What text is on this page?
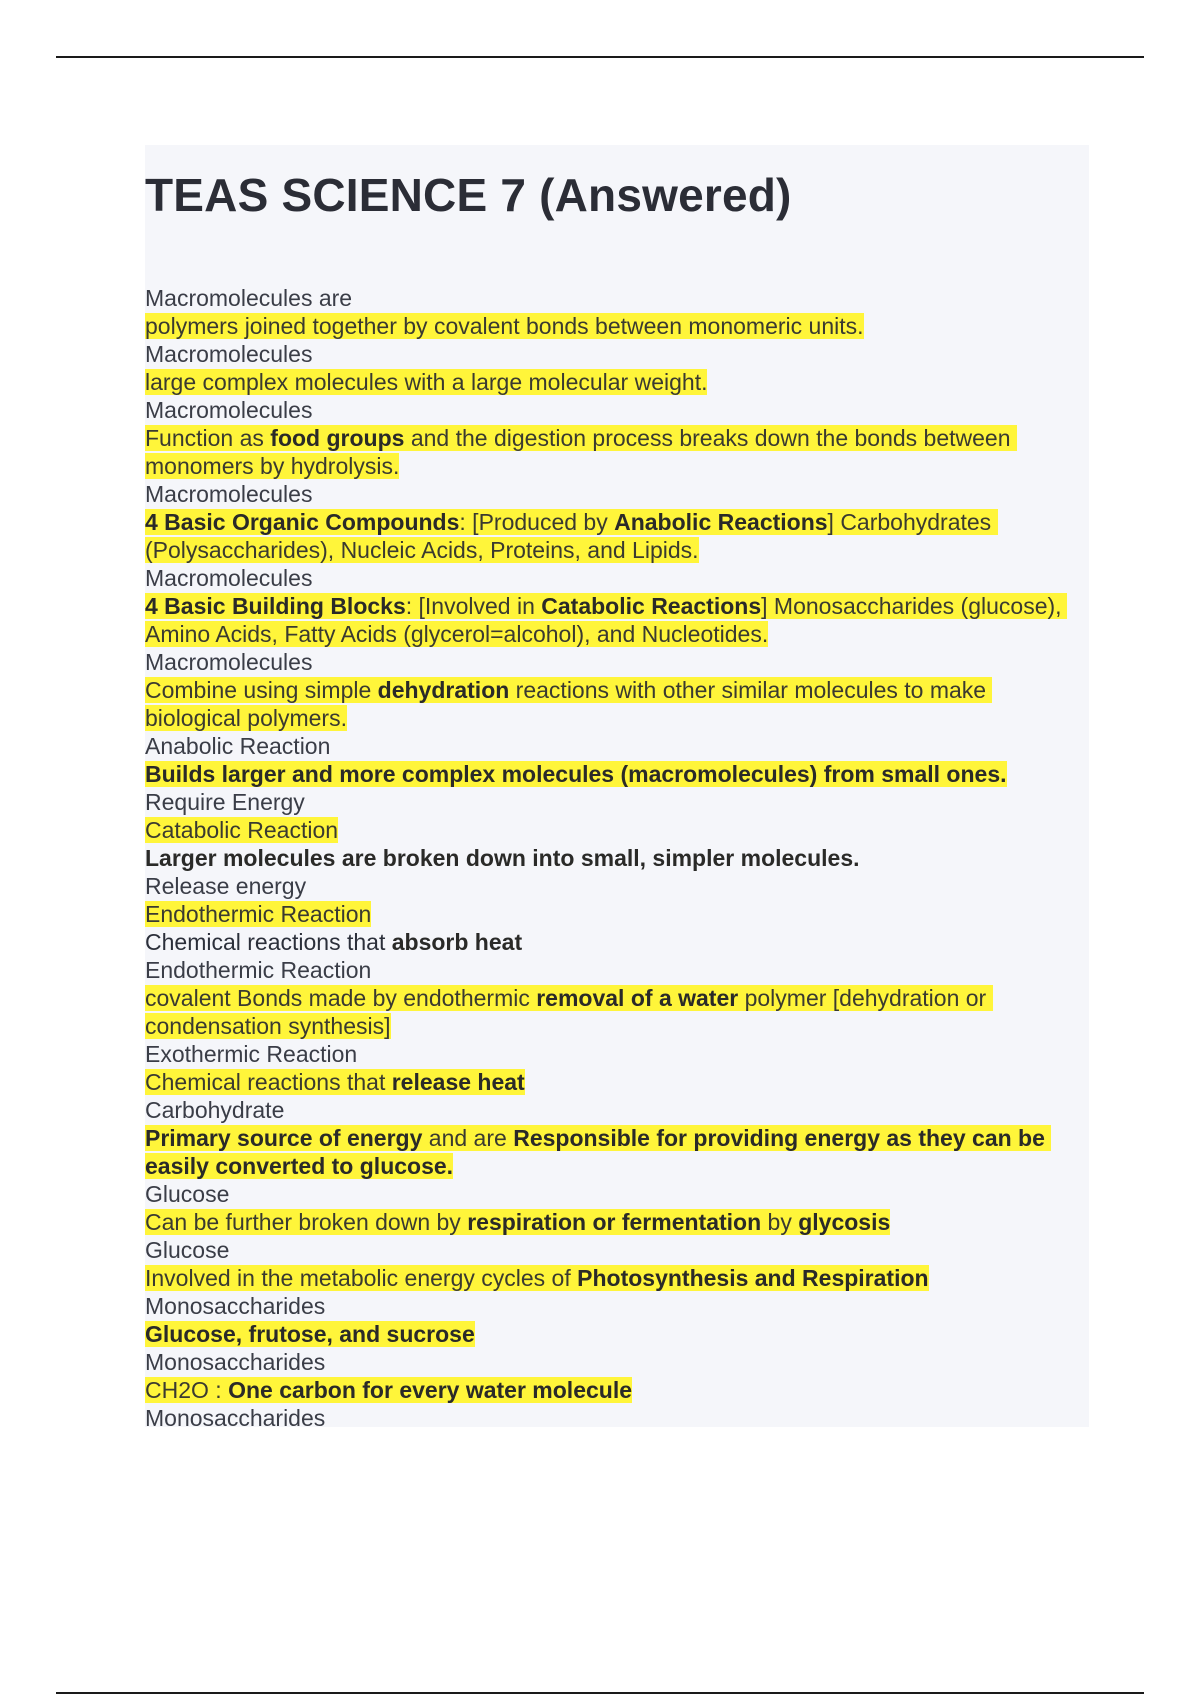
TEAS SCIENCE 7 (Answered)
Macromolecules are
polymers joined together by covalent bonds between monomeric units.
Macromolecules
large complex molecules with a large molecular weight.
Macromolecules
Function as food groups and the digestion process breaks down the bonds between monomers by hydrolysis.
Macromolecules
4 Basic Organic Compounds: [Produced by Anabolic Reactions] Carbohydrates (Polysaccharides), Nucleic Acids, Proteins, and Lipids.
Macromolecules
4 Basic Building Blocks: [Involved in Catabolic Reactions] Monosaccharides (glucose), Amino Acids, Fatty Acids (glycerol=alcohol), and Nucleotides.
Macromolecules
Combine using simple dehydration reactions with other similar molecules to make biological polymers.
Anabolic Reaction
Builds larger and more complex molecules (macromolecules) from small ones.
Require Energy
Catabolic Reaction
Larger molecules are broken down into small, simpler molecules.
Release energy
Endothermic Reaction
Chemical reactions that absorb heat
Endothermic Reaction
covalent Bonds made by endothermic removal of a water polymer [dehydration or condensation synthesis]
Exothermic Reaction
Chemical reactions that release heat
Carbohydrate
Primary source of energy and are Responsible for providing energy as they can be easily converted to glucose.
Glucose
Can be further broken down by respiration or fermentation by glycosis
Glucose
Involved in the metabolic energy cycles of Photosynthesis and Respiration
Monosaccharides
Glucose, frutose, and sucrose
Monosaccharides
CH2O : One carbon for every water molecule
Monosaccharides
